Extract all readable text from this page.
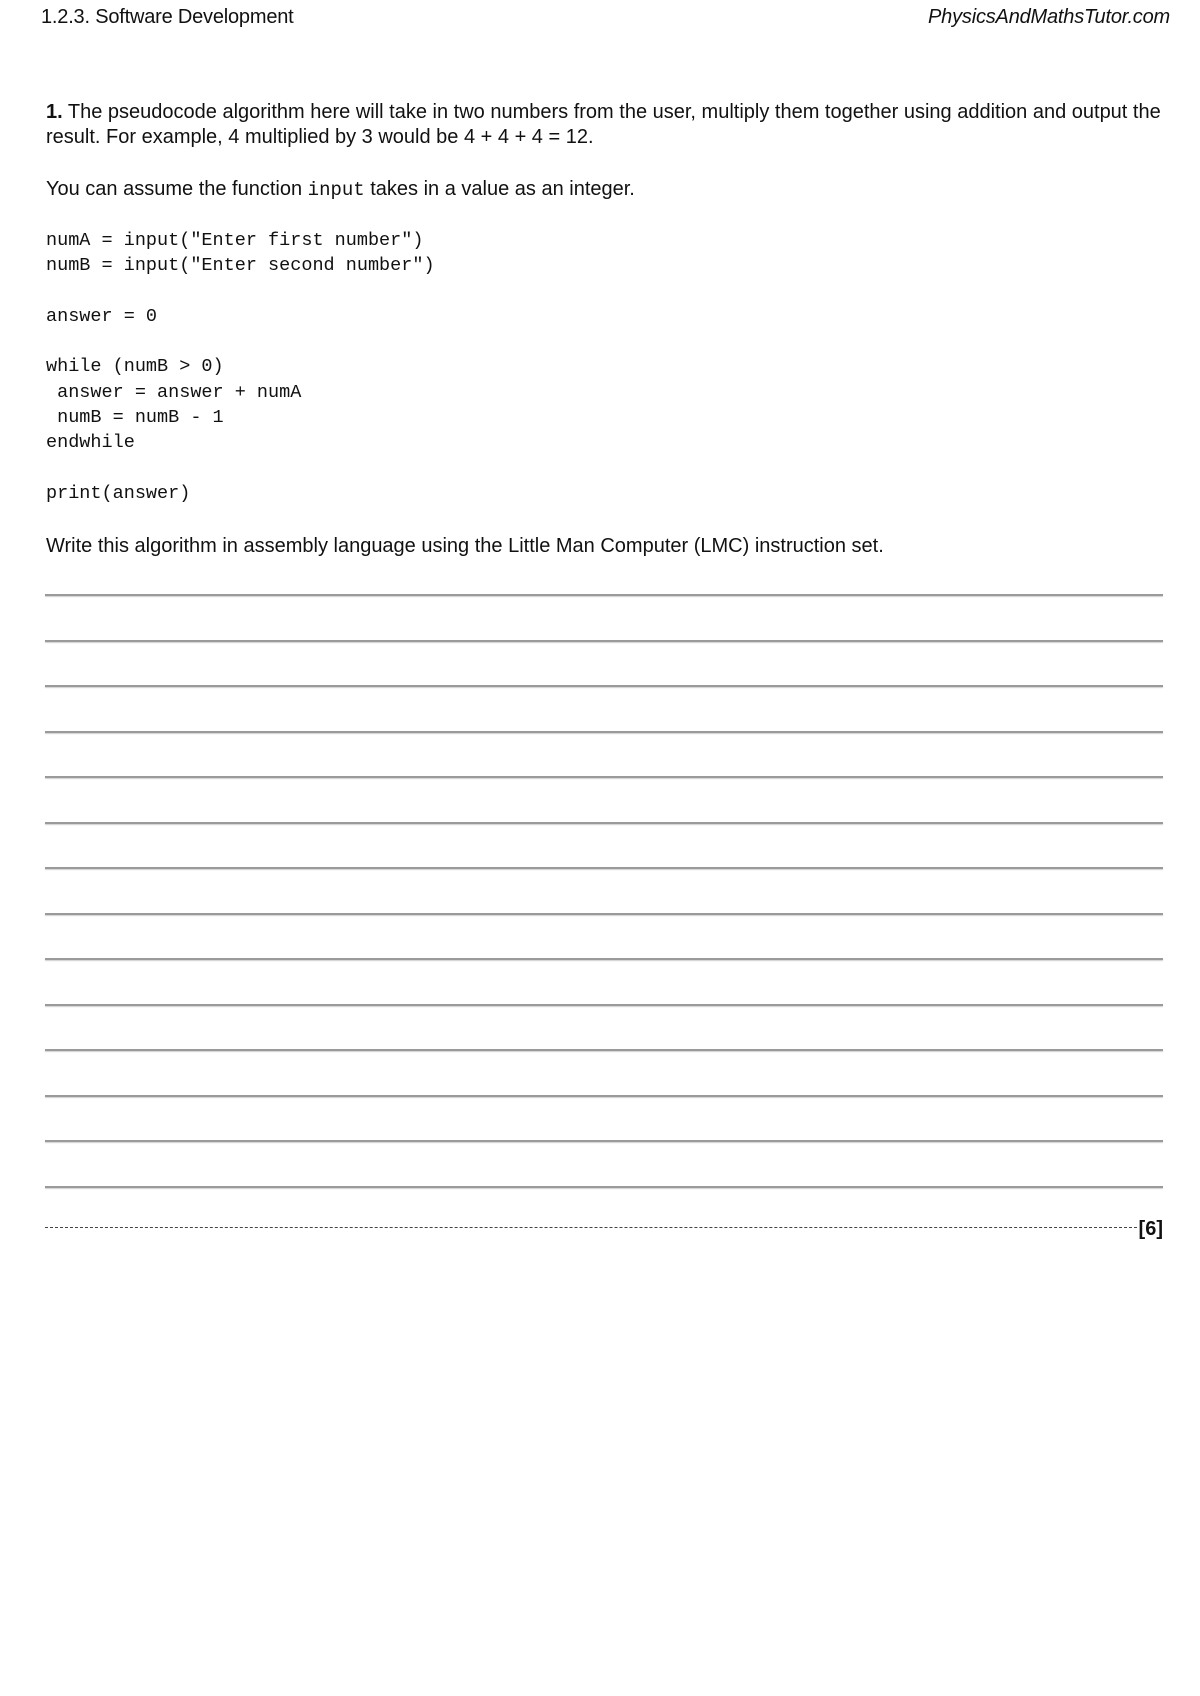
1.2.3. Software Development	PhysicsAndMathsTutor.com
1. The pseudocode algorithm here will take in two numbers from the user, multiply them together using addition and output the result. For example, 4 multiplied by 3 would be 4 + 4 + 4 = 12.
You can assume the function input takes in a value as an integer.
numA = input("Enter first number")
numB = input("Enter second number")

answer = 0

while (numB > 0)
answer = answer + numA
numB = numB - 1
endwhile

print(answer)
Write this algorithm in assembly language using the Little Man Computer (LMC) instruction set.
[6]
